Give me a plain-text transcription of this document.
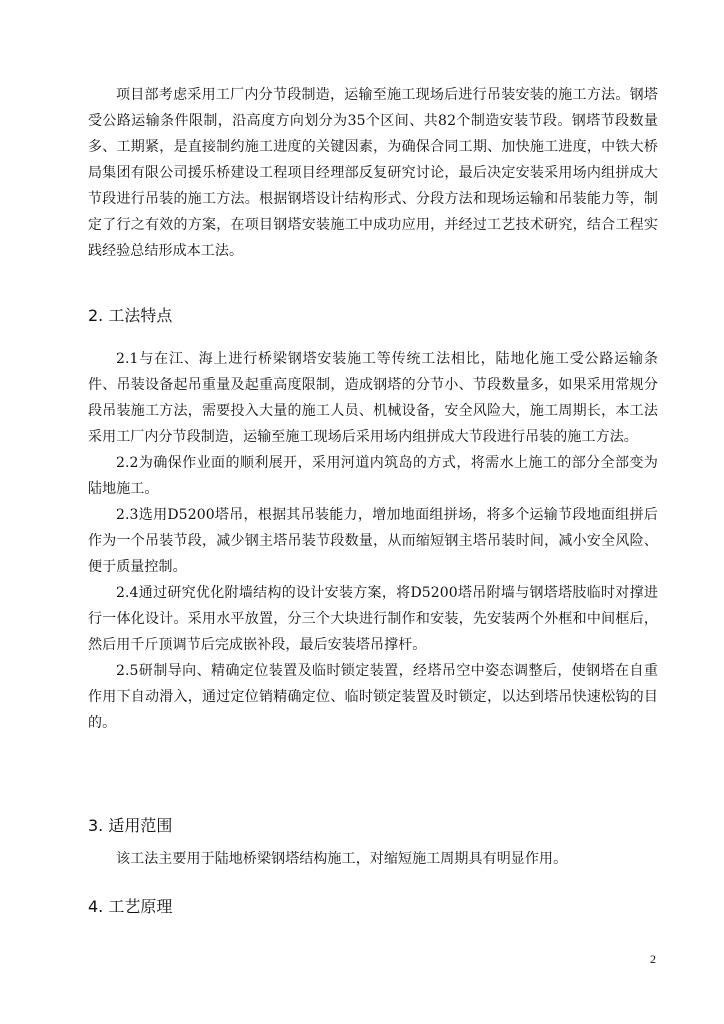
项目部考虑采用工厂内分节段制造，运输至施工现场后进行吊装安装的施工方法。钢塔受公路运输条件限制，沿高度方向划分为35个区间、共82个制造安装节段。钢塔节段数量多、工期紧，是直接制约施工进度的关键因素，为确保合同工期、加快施工进度，中铁大桥局集团有限公司援乐桥建设工程项目经理部反复研究讨论，最后决定安装采用场内组拼成大节段进行吊装的施工方法。根据钢塔设计结构形式、分段方法和现场运输和吊装能力等，制定了行之有效的方案，在项目钢塔安装施工中成功应用，并经过工艺技术研究，结合工程实践经验总结形成本工法。

2. 工法特点

2.1与在江、海上进行桥梁钢塔安装施工等传统工法相比，陆地化施工受公路运输条件、吊装设备起吊重量及起重高度限制，造成钢塔的分节小、节段数量多，如果采用常规分段吊装施工方法，需要投入大量的施工人员、机械设备，安全风险大，施工周期长，本工法采用工厂内分节段制造，运输至施工现场后采用场内组拼成大节段进行吊装的施工方法。

2.2为确保作业面的顺利展开，采用河道内筑岛的方式，将需水上施工的部分全部变为陆地施工。

2.3选用D5200塔吊，根据其吊装能力，增加地面组拼场，将多个运输节段地面组拼后作为一个吊装节段，减少钢主塔吊装节段数量，从而缩短钢主塔吊装时间，减小安全风险、便于质量控制。

2.4通过研究优化附墙结构的设计安装方案，将D5200塔吊附墙与钢塔塔肢临时对撑进行一体化设计。采用水平放置，分三个大块进行制作和安装，先安装两个外框和中间框后，然后用千斤顶调节后完成嵌补段，最后安装塔吊撑杆。

2.5研制导向、精确定位装置及临时锁定装置，经塔吊空中姿态调整后，使钢塔在自重作用下自动滑入，通过定位销精确定位、临时锁定装置及时锁定，以达到塔吊快速松钩的目的。

3. 适用范围

该工法主要用于陆地桥梁钢塔结构施工，对缩短施工周期具有明显作用。

4. 工艺原理
2
